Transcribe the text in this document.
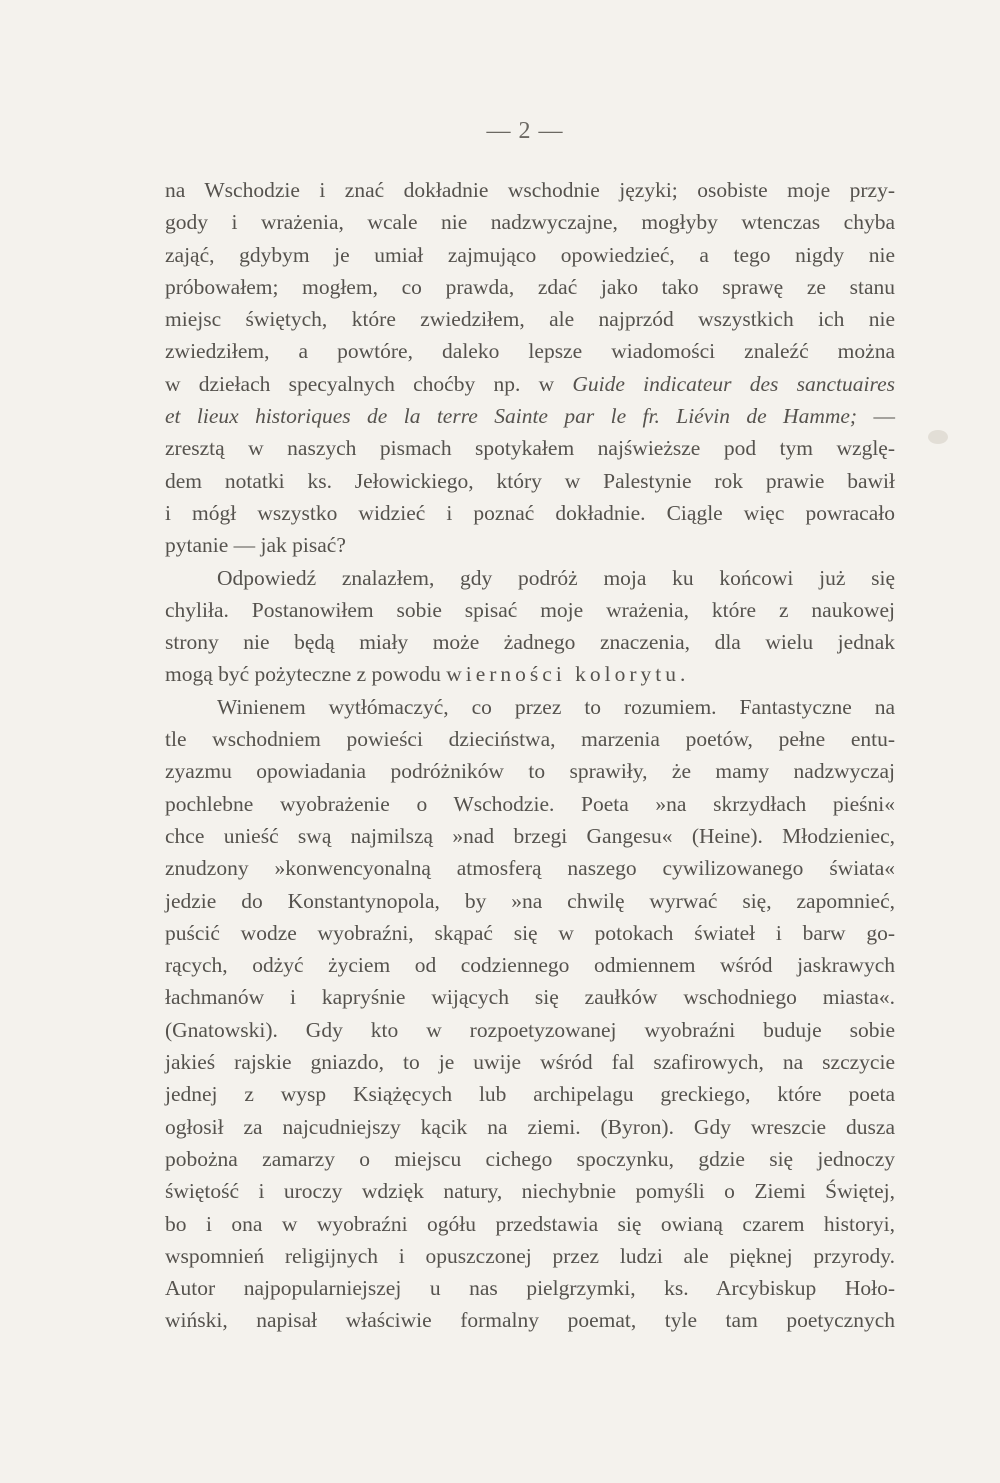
— 2 —
na Wschodzie i znać dokładnie wschodnie języki; osobiste moje przy-
gody i wrażenia, wcale nie nadzwyczajne, mogłyby wtenczas chyba
zająć, gdybym je umiał zajmująco opowiedzieć, a tego nigdy nie
próbowałem; mogłem, co prawda, zdać jako tako sprawę ze stanu
miejsc świętych, które zwiedziłem, ale najprzód wszystkich ich nie
zwiedziłem, a powtóre, daleko lepsze wiadomości znaleźć można
w dziełach specyalnych choćby np. w Guide indicateur des sanctuaires
et lieux historiques de la terre Sainte par le fr. Liévin de Hamme; —
zresztą w naszych pismach spotykałem najświeższe pod tym wzglę-
dem notatki ks. Jełowickiego, który w Palestynie rok prawie bawił
i mógł wszystko widzieć i poznać dokładnie. Ciągle więc powracało
pytanie — jak pisać?
Odpowiedź znalazłem, gdy podróż moja ku końcowi już się
chyliła. Postanowiłem sobie spisać moje wrażenia, które z naukowej
strony nie będą miały może żadnego znaczenia, dla wielu jednak
mogą być pożyteczne z powodu wierności kolorytu.
Winienem wytłómaczyć, co przez to rozumiem. Fantastyczne na
tle wschodniem powieści dzieciństwa, marzenia poetów, pełne entu-
zyazmu opowiadania podróżników to sprawiły, że mamy nadzwyczaj
pochlebne wyobrażenie o Wschodzie. Poeta »na skrzydłach pieśni«
chce unieść swą najmilszą »nad brzegi Gangesu« (Heine). Młodzieniec,
znudzony »konwencyonalną atmosferą naszego cywilizowanego świata«
jedzie do Konstantynopola, by »na chwilę wyrwać się, zapomnieć,
puścić wodze wyobraźni, skąpać się w potokach świateł i barw go-
rących, odżyć życiem od codziennego odmiennem wśród jaskrawych
łachmanów i kapryśnie wijących się zaułków wschodniego miasta«.
(Gnatowski). Gdy kto w rozpoetyzowanej wyobraźni buduje sobie
jakieś rajskie gniazdo, to je uwije wśród fal szafirowych, na szczycie
jednej z wysp Książęcych lub archipelagu greckiego, które poeta
ogłosił za najcudniejszy kącik na ziemi. (Byron). Gdy wreszcie dusza
pobożna zamarzy o miejscu cichego spoczynku, gdzie się jednoczy
świętość i uroczy wdzięk natury, niechybnie pomyśli o Ziemi Świętej,
bo i ona w wyobraźni ogółu przedstawia się owianą czarem historyi,
wspomnień religijnych i opuszczonej przez ludzi ale pięknej przyrody.
Autor najpopularniejszej u nas pielgrzymki, ks. Arcybiskup Hoło-
wiński, napisał właściwie formalny poemat, tyle tam poetycznych
